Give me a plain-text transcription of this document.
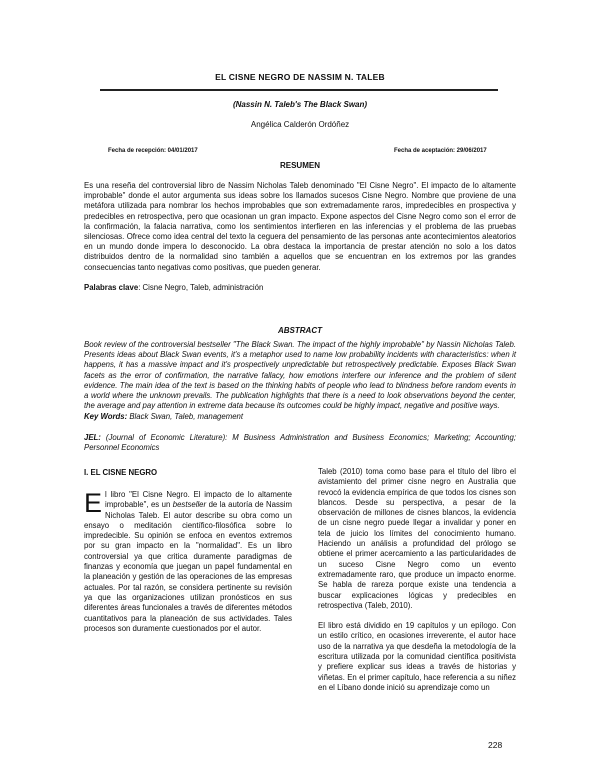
EL CISNE NEGRO DE NASSIM N. TALEB
(Nassin N. Taleb's The Black Swan)
Angélica Calderón Ordóñez
Fecha de recepción: 04/01/2017	Fecha de aceptación: 29/06/2017
RESUMEN
Es una reseña del controversial libro de Nassim Nicholas Taleb denominado "El Cisne Negro". El impacto de lo altamente improbable" donde el autor argumenta sus ideas sobre los llamados sucesos Cisne Negro. Nombre que proviene de una metáfora utilizada para nombrar los hechos improbables que son extremadamente raros, impredecibles en prospectiva y predecibles en retrospectiva, pero que ocasionan un gran impacto. Expone aspectos del Cisne Negro como son el error de la confirmación, la falacia narrativa, como los sentimientos interfieren en las inferencias y el problema de las pruebas silenciosas. Ofrece como idea central del texto la ceguera del pensamiento de las personas ante acontecimientos aleatorios en un mundo donde impera lo desconocido. La obra destaca la importancia de prestar atención no solo a los datos distribuidos dentro de la normalidad sino también a aquellos que se encuentran en los extremos por las grandes consecuencias tanto negativas como positivas, que pueden generar.
Palabras clave: Cisne Negro, Taleb, administración
ABSTRACT
Book review of the controversial bestseller "The Black Swan. The impact of the highly improbable" by Nassin Nicholas Taleb. Presents ideas about Black Swan events, it's a metaphor used to name low probability incidents with characteristics: when it happens, it has a massive impact and it's prospectively unpredictable but retrospectively predictable. Exposes Black Swan facets as the error of confirmation, the narrative fallacy, how emotions interfere our inference and the problem of silent evidence. The main idea of the text is based on the thinking habits of people who lead to blindness before random events in a world where the unknown prevails. The publication highlights that there is a need to look observations beyond the center, the average and pay attention in extreme data because its outcomes could be highly impact, negative and positive ways.
Key Words: Black Swan, Taleb, management
JEL: (Journal of Economic Literature): M Business Administration and Business Economics; Marketing; Accounting; Personnel Economics
I. EL CISNE NEGRO
El libro "El Cisne Negro. El impacto de lo altamente improbable", es un bestseller de la autoría de Nassim Nicholas Taleb. El autor describe su obra como un ensayo o meditación científico-filosófica sobre lo impredecible. Su opinión se enfoca en eventos extremos por su gran impacto en la "normalidad". Es un libro controversial ya que critica duramente paradigmas de finanzas y economía que juegan un papel fundamental en la planeación y gestión de las operaciones de las empresas actuales. Por tal razón, se considera pertinente su revisión ya que las organizaciones utilizan pronósticos en sus diferentes áreas funcionales a través de diferentes métodos cuantitativos para la planeación de sus actividades. Tales procesos son duramente cuestionados por el autor.
Taleb (2010) toma como base para el título del libro el avistamiento del primer cisne negro en Australia que revocó la evidencia empírica de que todos los cisnes son blancos. Desde su perspectiva, a pesar de la observación de millones de cisnes blancos, la evidencia de un cisne negro puede llegar a invalidar y poner en tela de juicio los límites del conocimiento humano. Haciendo un análisis a profundidad del prólogo se obtiene el primer acercamiento a las particularidades de un suceso Cisne Negro como un evento extremadamente raro, que produce un impacto enorme. Se habla de rareza porque existe una tendencia a buscar explicaciones lógicas y predecibles en retrospectiva (Taleb, 2010).
El libro está dividido en 19 capítulos y un epílogo. Con un estilo crítico, en ocasiones irreverente, el autor hace uso de la narrativa ya que desdeña la metodología de la escritura utilizada por la comunidad científica positivista y prefiere explicar sus ideas a través de historias y viñetas. En el primer capítulo, hace referencia a su niñez en el Líbano donde inició su aprendizaje como un
228
